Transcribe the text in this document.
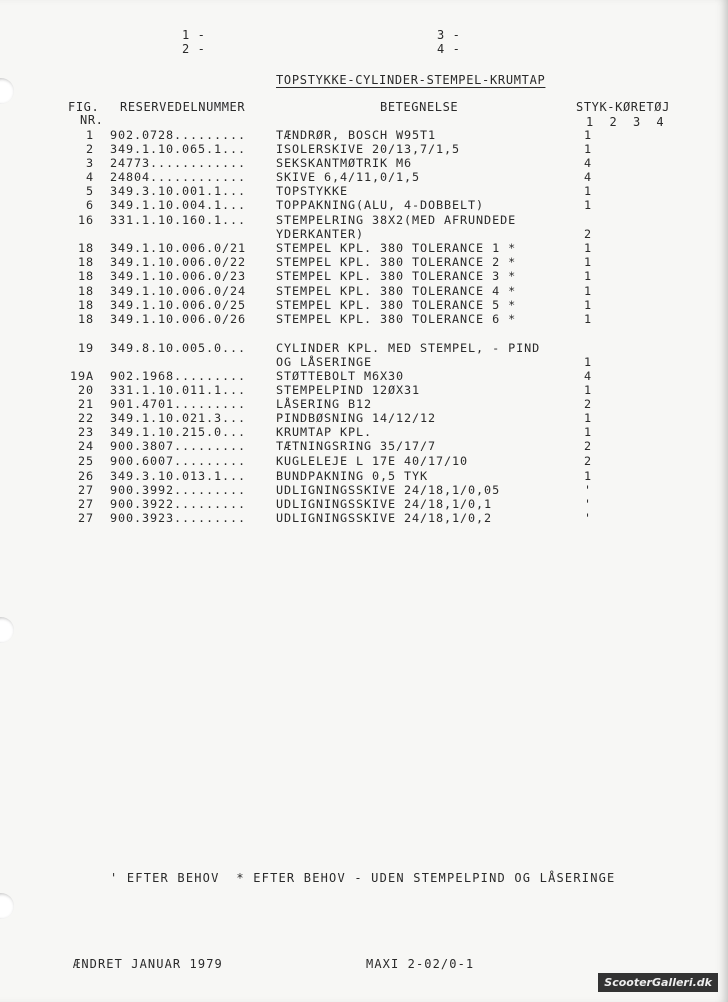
1 -
2 -
3 -
4 -
TOPSTYKKE-CYLINDER-STEMPEL-KRUMTAP
FIG.
NR.
RESERVEDELNUMMER	BETEGNELSE	STYK-KØRETØJ
1  2  3  4
1 902.0728.........	TÆNDRØR, BOSCH W95T1	1
2 349.1.10.065.1...	ISOLERSKIVE 20/13,7/1,5	1
3 24773............	SEKSKANTMØTRIK M6	4
4 24804............	SKIVE 6,4/11,0/1,5	4
5 349.3.10.001.1...	TOPSTYKKE	1
6 349.1.10.004.1...	TOPPAKNING(ALU, 4-DOBBELT)	1
16 331.1.10.160.1...	STEMPELRING 38X2(MED AFRUNDEDE
YDERKANTER)	2
18 349.1.10.006.0/21	STEMPEL KPL. 380 TOLERANCE 1 *	1
18 349.1.10.006.0/22	STEMPEL KPL. 380 TOLERANCE 2 *	1
18 349.1.10.006.0/23	STEMPEL KPL. 380 TOLERANCE 3 *	1
18 349.1.10.006.0/24	STEMPEL KPL. 380 TOLERANCE 4 *	1
18 349.1.10.006.0/25	STEMPEL KPL. 380 TOLERANCE 5 *	1
18 349.1.10.006.0/26	STEMPEL KPL. 380 TOLERANCE 6 *	1
19 349.8.10.005.0...	CYLINDER KPL. MED STEMPEL, - PIND
OG LÅSERINGE	1
19A 902.1968.........	STØTTEBOLT M6X30	4
20 331.1.10.011.1...	STEMPELPIND 12ØX31	1
21 901.4701.........	LÅSERING B12	2
22 349.1.10.021.3...	PINDBØSNING 14/12/12	1
23 349.1.10.215.0...	KRUMTAP KPL.	1
24 900.3807.........	TÆTNINGSRING 35/17/7	2
25 900.6007.........	KUGLELEJE L 17E 40/17/10	2
26 349.3.10.013.1...	BUNDPAKNING 0,5 TYK	1
27 900.3992.........	UDLIGNINGSSKIVE 24/18,1/0,05	'
27 900.3922.........	UDLIGNINGSSKIVE 24/18,1/0,1	'
27 900.3923.........	UDLIGNINGSSKIVE 24/18,1/0,2	'
' EFTER BEHOV  * EFTER BEHOV - UDEN STEMPELPIND OG LÅSERINGE
ÆNDRET JANUAR 1979	MAXI 2-02/0-1
ScooterGalleri.dk
